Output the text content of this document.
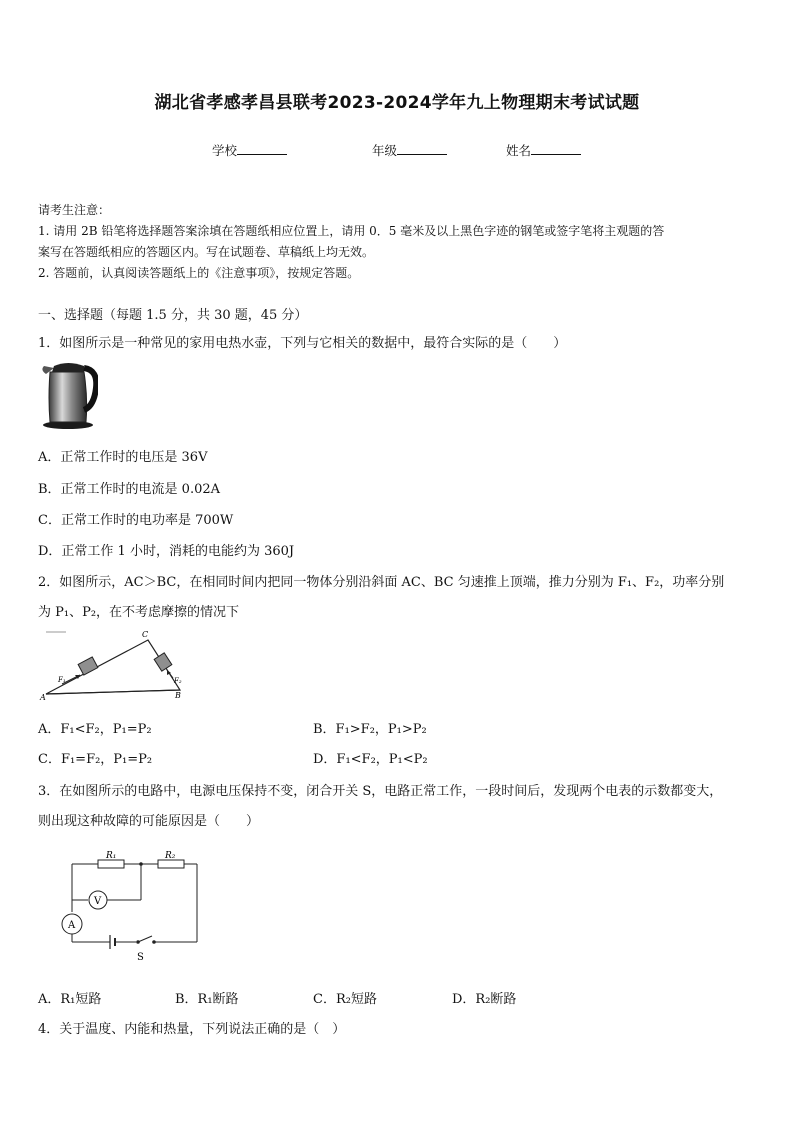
湖北省孝感孝昌县联考2023-2024学年九上物理期末考试试题
学校	年级	姓名
请考生注意：
1. 请用 2B 铅笔将选择题答案涂填在答题纸相应位置上，请用 0．5 毫米及以上黑色字迹的钢笔或签字笔将主观题的答
案写在答题纸相应的答题区内。写在试题卷、草稿纸上均无效。
2. 答题前，认真阅读答题纸上的《注意事项》，按规定答题。
一、选择题（每题 1.5 分，共 30 题，45 分）
1．如图所示是一种常见的家用电热水壶，下列与它相关的数据中，最符合实际的是（　　）
A．正常工作时的电压是 36V
B．正常工作时的电流是 0.02A
C．正常工作时的电功率是 700W
D．正常工作 1 小时，消耗的电能约为 360J
2．如图所示，AC＞BC，在相同时间内把同一物体分别沿斜面 AC、BC 匀速推上顶端，推力分别为 F₁、F₂，功率分别
为 P₁、P₂，在不考虑摩擦的情况下
A	B
C
F₁	F₂
A．F₁<F₂，P₁=P₂	B．F₁>F₂，P₁>P₂
C．F₁=F₂，P₁=P₂	D．F₁<F₂，P₁<P₂
3．在如图所示的电路中，电源电压保持不变，闭合开关 S，电路正常工作，一段时间后，发现两个电表的示数都变大，
则出现这种故障的可能原因是（　　）
V
A
R₁	R₂
S
A．R₁短路	B．R₁断路	C．R₂短路	D．R₂断路
4．关于温度、内能和热量，下列说法正确的是（　）
